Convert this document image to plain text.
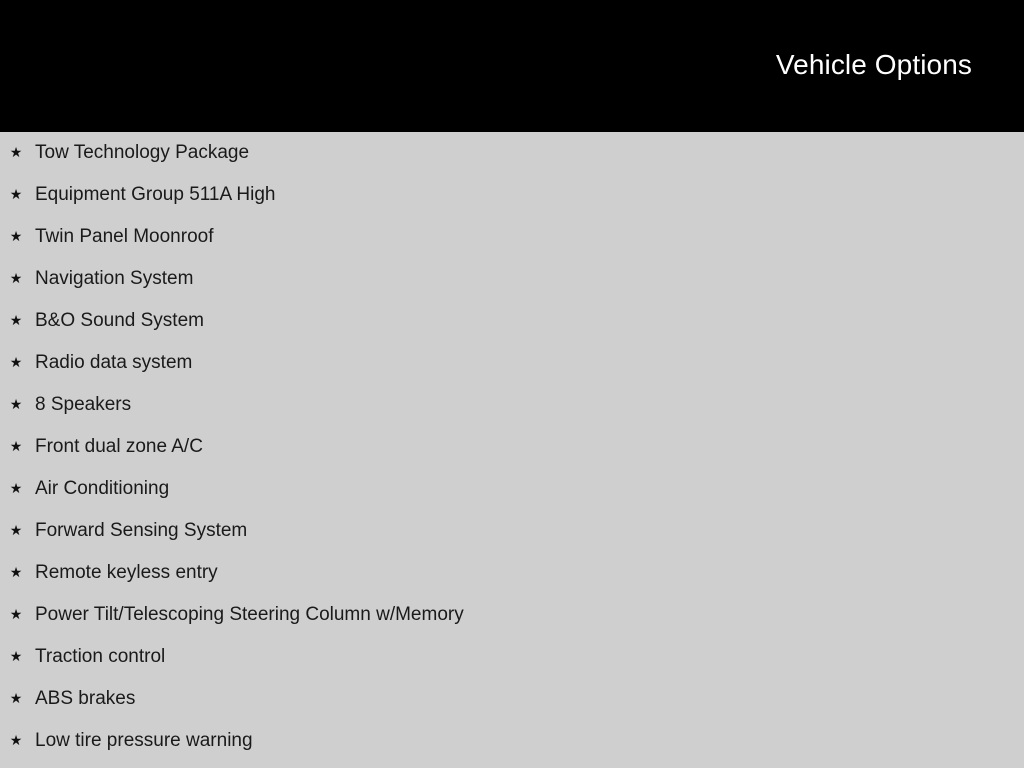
Vehicle Options
★ Tow Technology Package
★ Equipment Group 511A High
★ Twin Panel Moonroof
★ Navigation System
★ B&O Sound System
★ Radio data system
★ 8 Speakers
★ Front dual zone A/C
★ Air Conditioning
★ Forward Sensing System
★ Remote keyless entry
★ Power Tilt/Telescoping Steering Column w/Memory
★ Traction control
★ ABS brakes
★ Low tire pressure warning
